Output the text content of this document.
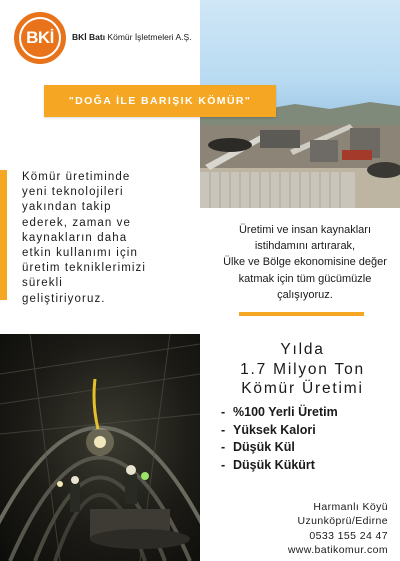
BKİ	BKİ Batı Kömür İşletmeleri A.Ş.
"DOĞA İLE BARIŞIK KÖMÜR"
Kömür üretiminde
yeni teknolojileri
yakından takip
ederek, zaman ve
kaynakların daha
etkin kullanımı için
üretim tekniklerimizi
sürekli
geliştiriyoruz.
Üretimi ve insan kaynakları
istihdamını artırarak,
Ülke ve Bölge ekonomisine değer
katmak için tüm gücümüzle
çalışıyoruz.
Yılda
1.7 Milyon Ton
Kömür Üretimi
- %100 Yerli Üretim
- Yüksek Kalori
- Düşük Kül
- Düşük Kükürt
Harmanlı Köyü
Uzunköprü/Edirne
0533 155 24 47
www.batikomur.com
